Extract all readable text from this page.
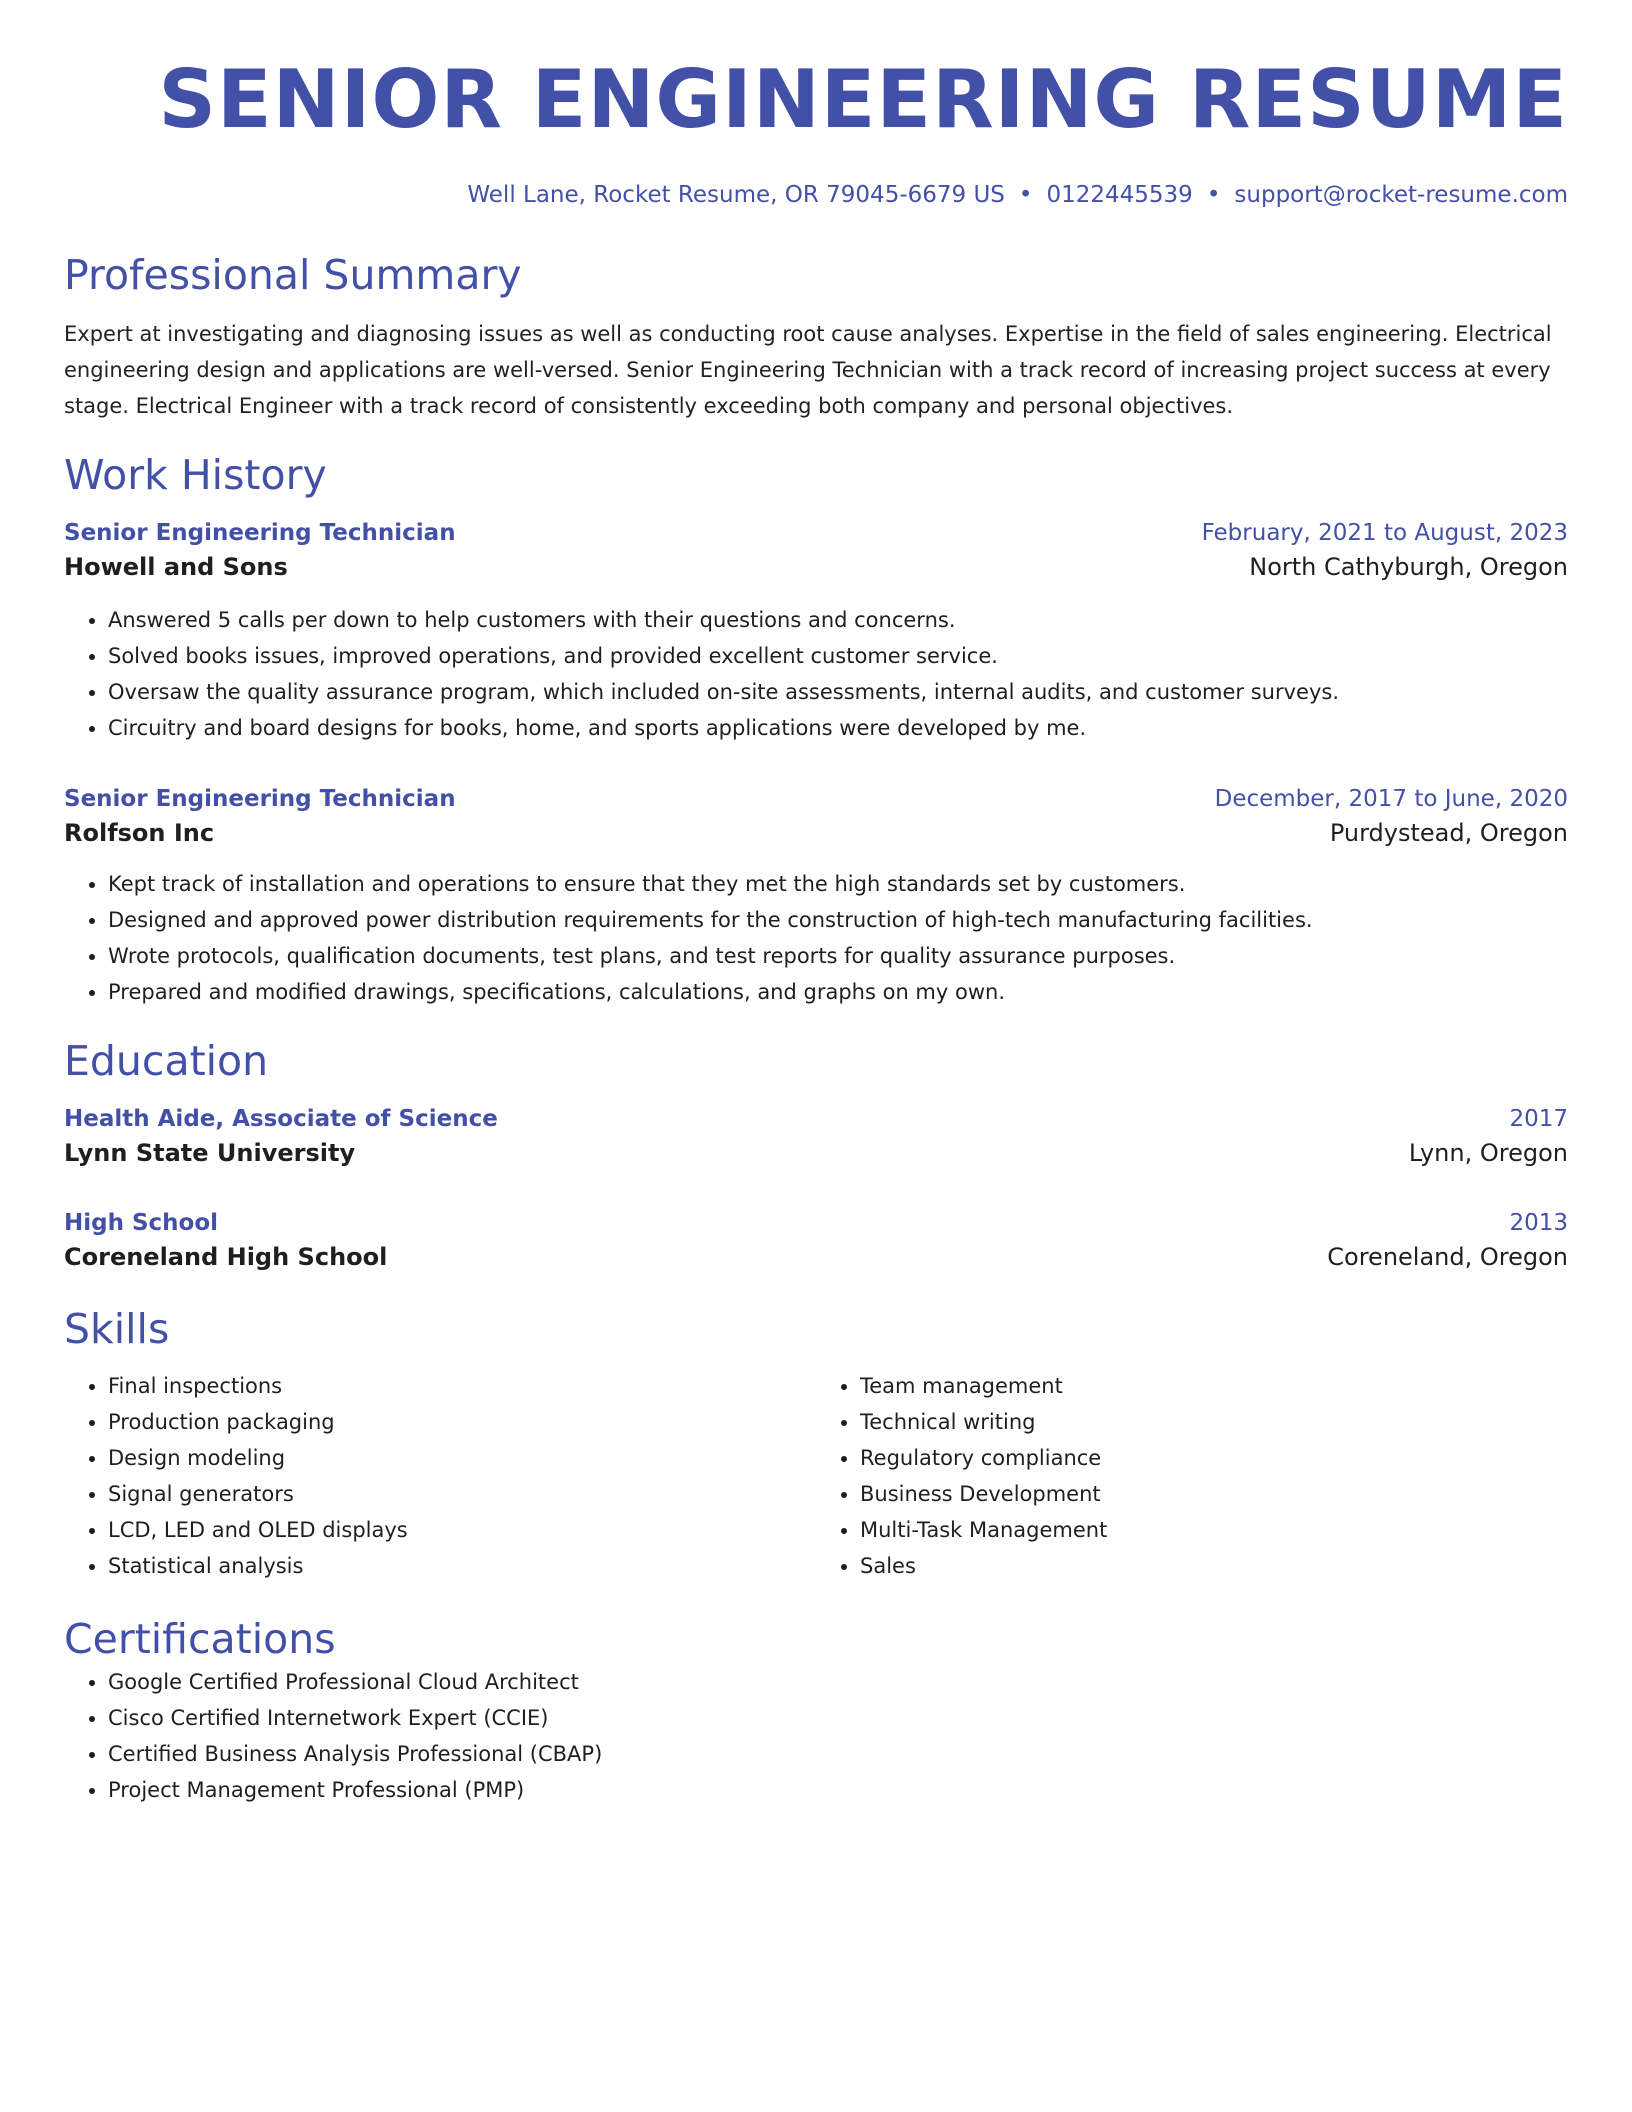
SENIOR ENGINEERING RESUME
Well Lane, Rocket Resume, OR 79045-6679 US • 0122445539 • support@rocket-resume.com
Professional Summary

Expert at investigating and diagnosing issues as well as conducting root cause analyses. Expertise in the field of sales engineering. Electrical engineering design and applications are well-versed. Senior Engineering Technician with a track record of increasing project success at every stage. Electrical Engineer with a track record of consistently exceeding both company and personal objectives.

Work History
Senior Engineering Technician	February, 2021 to August, 2023
Howell and Sons	North Cathyburgh, Oregon
• Answered 5 calls per down to help customers with their questions and concerns.
• Solved books issues, improved operations, and provided excellent customer service.
• Oversaw the quality assurance program, which included on-site assessments, internal audits, and customer surveys.
• Circuitry and board designs for books, home, and sports applications were developed by me.
Senior Engineering Technician	December, 2017 to June, 2020
Rolfson Inc	Purdystead, Oregon
• Kept track of installation and operations to ensure that they met the high standards set by customers.
• Designed and approved power distribution requirements for the construction of high-tech manufacturing facilities.
• Wrote protocols, qualification documents, test plans, and test reports for quality assurance purposes.
• Prepared and modified drawings, specifications, calculations, and graphs on my own.
Education
Health Aide, Associate of Science	2017
Lynn State University	Lynn, Oregon
High School	2013
Coreneland High School	Coreneland, Oregon
Skills
• Final inspections
• Production packaging
• Design modeling
• Signal generators
• LCD, LED and OLED displays
• Statistical analysis
• Team management
• Technical writing
• Regulatory compliance
• Business Development
• Multi-Task Management
• Sales
Certifications
• Google Certified Professional Cloud Architect
• Cisco Certified Internetwork Expert (CCIE)
• Certified Business Analysis Professional (CBAP)
• Project Management Professional (PMP)
